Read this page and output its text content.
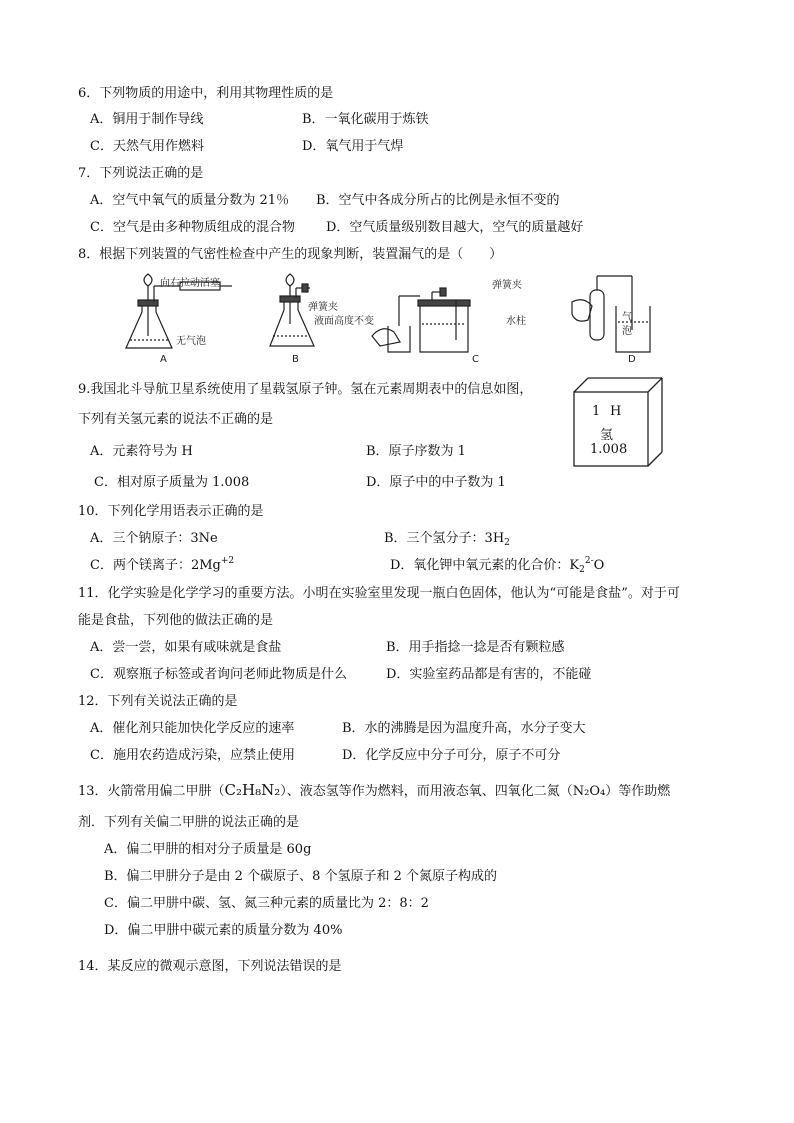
6．下列物质的用途中，利用其物理性质的是
A．铜用于制作导线	B．一氧化碳用于炼铁
C．天然气用作燃料	D．氧气用于气焊
7．下列说法正确的是
A．空气中氧气的质量分数为 21％ B．空气中各成分所占的比例是永恒不变的
C．空气是由多种物质组成的混合物 D．空气质量级别数目越大，空气的质量越好
8．根据下列装置的气密性检查中产生的现象判断，装置漏气的是（　　）
向右拉动活塞
无气泡
A
弹簧夹
液面高度不变
B
弹簧夹
水柱
C
气
泡
D
9.我国北斗导航卫星系统使用了星载氢原子钟。氢在元素周期表中的信息如图，
下列有关氢元素的说法不正确的是
A．元素符号为 H	B．原子序数为 1
C．相对原子质量为 1.008	D．原子中的中子数为 1
1 H
氢
1.008
10．下列化学用语表示正确的是
A．三个钠原子：3Ne	B．三个氢分子：$3H_2$
C．两个镁离子：$2Mg^{+2}$	D．氧化钾中氧元素的化合价：$K_2^{2-}O$
11．化学实验是化学学习的重要方法。小明在实验室里发现一瓶白色固体，他认为“可能是食盐”。对于可
能是食盐，下列他的做法正确的是
A．尝一尝，如果有咸味就是食盐	B．用手指捻一捻是否有颗粒感
C．观察瓶子标签或者询问老师此物质是什么	D．实验室药品都是有害的，不能碰
12．下列有关说法正确的是
A．催化剂只能加快化学反应的速率	B．水的沸腾是因为温度升高，水分子变大
C．施用农药造成污染，应禁止使用	D．化学反应中分子可分，原子不可分
13．火箭常用偏二甲肼（C₂H₈N₂）、液态氢等作为燃料，而用液态氧、四氧化二氮（N₂O₄）等作助燃
剂．下列有关偏二甲肼的说法正确的是
A．偏二甲肼的相对分子质量是 60g
B．偏二甲肼分子是由 2 个碳原子、8 个氢原子和 2 个氮原子构成的
C．偏二甲肼中碳、氢、氮三种元素的质量比为 2：8：2
D．偏二甲肼中碳元素的质量分数为 40%
14．某反应的微观示意图，下列说法错误的是
